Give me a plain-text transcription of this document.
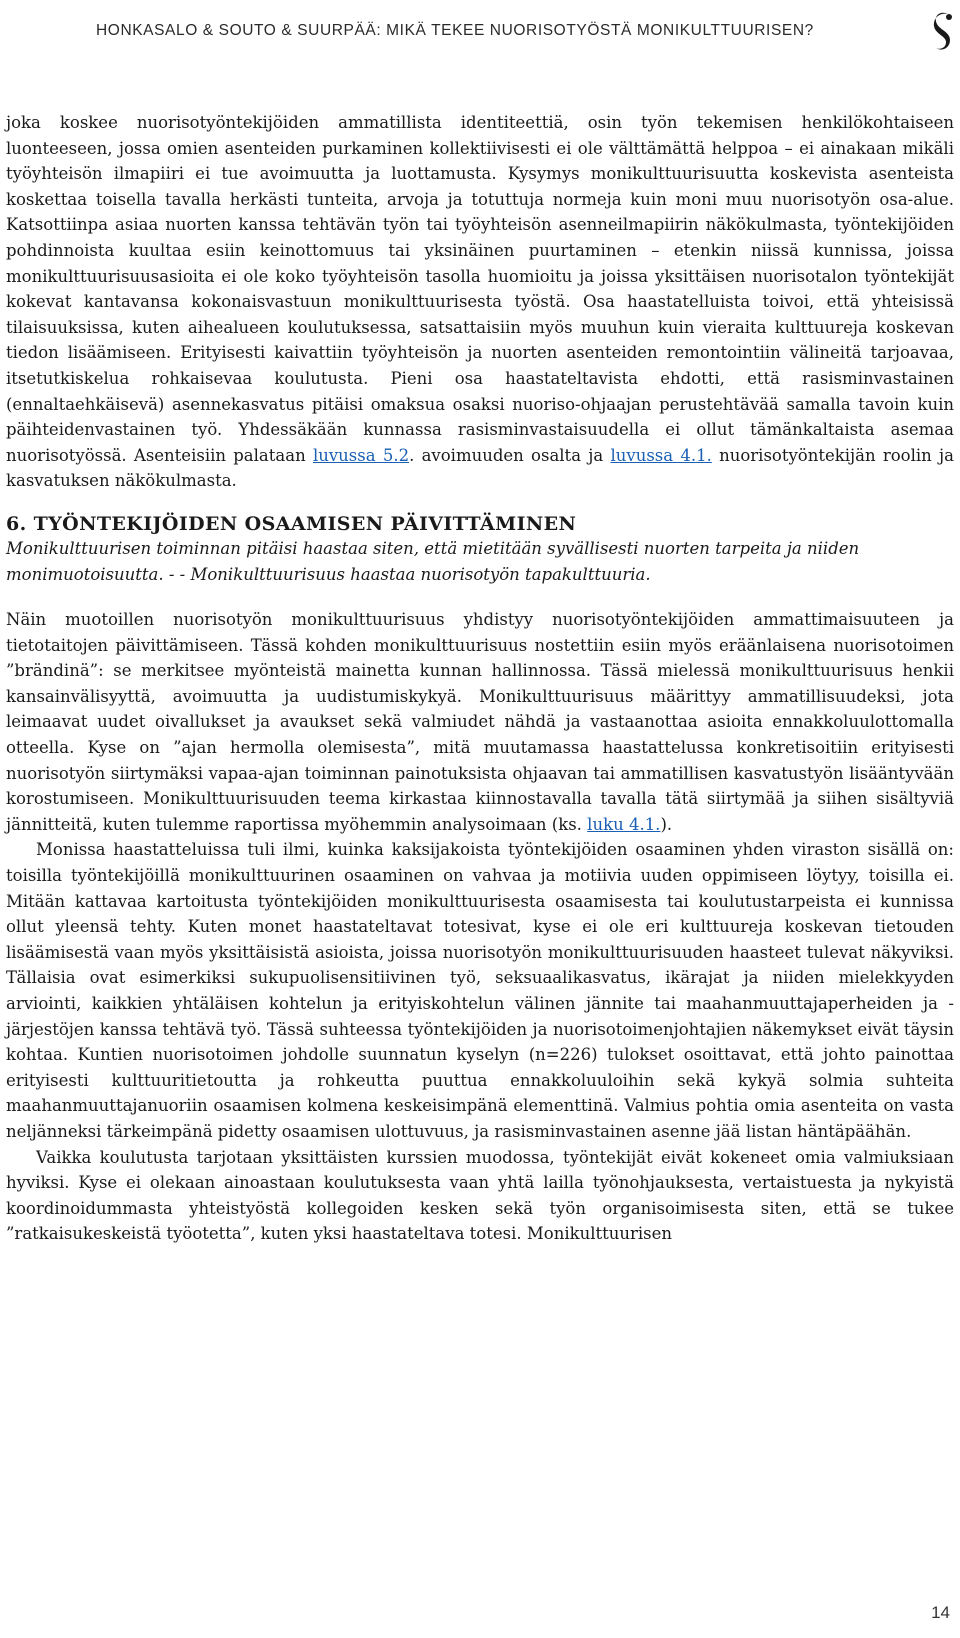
HONKASALO & SOUTO & SUURPÄÄ: MIKÄ TEKEE NUORISOTYÖSTÄ MONIKULTTUURISEN?

joka koskee nuorisotyöntekijöiden ammatillista identiteettiä, osin työn tekemisen henkilökohtaiseen luonteeseen, jossa omien asenteiden purkaminen kollektiivisesti ei ole välttämättä helppoa – ei ainakaan mikäli työyhteisön ilmapiiri ei tue avoimuutta ja luottamusta. Kysymys monikulttuurisuutta koskevista asenteista koskettaa toisella tavalla herkästi tunteita, arvoja ja totuttuja normeja kuin moni muu nuorisotyön osa-alue. Katsottiinpa asiaa nuorten kanssa tehtävän työn tai työyhteisön asenneilmapiirin näkökulmasta, työntekijöiden pohdinnoista kuultaa esiin keinottomuus tai yksinäinen puurtaminen – etenkin niissä kunnissa, joissa monikulttuurisuusasioita ei ole koko työyhteisön tasolla huomioitu ja joissa yksittäisen nuorisotalon työntekijät kokevat kantavansa kokonaisvastuun monikulttuurisesta työstä. Osa haastatelluista toivoi, että yhteisissä tilaisuuksissa, kuten aihealueen koulutuksessa, satsattaisiin myös muuhun kuin vieraita kulttuureja koskevan tiedon lisäämiseen. Erityisesti kaivattiin työyhteisön ja nuorten asenteiden remontointiin välineitä tarjoavaa, itsetutkiskelua rohkaisevaa koulutusta. Pieni osa haastateltavista ehdotti, että rasisminvastainen (ennaltaehkäisevä) asennekasvatus pitäisi omaksua osaksi nuoriso-ohjaajan perustehtävää samalla tavoin kuin päihteidenvastainen työ. Yhdessäkään kunnassa rasisminvastaisuudella ei ollut tämänkaltaista asemaa nuorisotyössä. Asenteisiin palataan luvussa 5.2. avoimuuden osalta ja luvussa 4.1. nuorisotyöntekijän roolin ja kasvatuksen näkökulmasta.

6. TYÖNTEKIJÖIDEN OSAAMISEN PÄIVITTÄMINEN

Monikulttuurisen toiminnan pitäisi haastaa siten, että mietitään syvällisesti nuorten tarpeita ja niiden monimuotoisuutta. - - Monikulttuurisuus haastaa nuorisotyön tapakulttuuria.

Näin muotoillen nuorisotyön monikulttuurisuus yhdistyy nuorisotyöntekijöiden ammattimaisuuteen ja tietotaitojen päivittämiseen. Tässä kohden monikulttuurisuus nostettiin esiin myös eräänlaisena nuorisotoimen ”brändinä”: se merkitsee myönteistä mainetta kunnan hallinnossa. Tässä mielessä monikulttuurisuus henkii kansainvälisyyttä, avoimuutta ja uudistumiskykyä. Monikulttuurisuus määrittyy ammatillisuudeksi, jota leimaavat uudet oivallukset ja avaukset sekä valmiudet nähdä ja vastaanottaa asioita ennakkoluulottomalla otteella. Kyse on ”ajan hermolla olemisesta”, mitä muutamassa haastattelussa konkretisoitiin erityisesti nuorisotyön siirtymäksi vapaa-ajan toiminnan painotuksista ohjaavan tai ammatillisen kasvatustyön lisääntyvään korostumiseen. Monikulttuurisuuden teema kirkastaa kiinnostavalla tavalla tätä siirtymää ja siihen sisältyviä jännitteitä, kuten tulemme raportissa myöhemmin analysoimaan (ks. luku 4.1.).

Monissa haastatteluissa tuli ilmi, kuinka kaksijakoista työntekijöiden osaaminen yhden viraston sisällä on: toisilla työntekijöillä monikulttuurinen osaaminen on vahvaa ja motiivia uuden oppimiseen löytyy, toisilla ei. Mitään kattavaa kartoitusta työntekijöiden monikulttuurisesta osaamisesta tai koulutustarpeista ei kunnissa ollut yleensä tehty. Kuten monet haastateltavat totesivat, kyse ei ole eri kulttuureja koskevan tietouden lisäämisestä vaan myös yksittäisistä asioista, joissa nuorisotyön monikulttuurisuuden haasteet tulevat näkyviksi. Tällaisia ovat esimerkiksi sukupuolisensitiivinen työ, seksuaalikasvatus, ikärajat ja niiden mielekkyyden arviointi, kaikkien yhtäläisen kohtelun ja erityiskohtelun välinen jännite tai maahanmuuttajaperheiden ja -järjestöjen kanssa tehtävä työ. Tässä suhteessa työntekijöiden ja nuorisotoimenjohtajien näkemykset eivät täysin kohtaa. Kuntien nuorisotoimen johdolle suunnatun kyselyn (n=226) tulokset osoittavat, että johto painottaa erityisesti kulttuuritietoutta ja rohkeutta puuttua ennakkoluuloihin sekä kykyä solmia suhteita maahanmuuttajanuoriin osaamisen kolmena keskeisimpänä elementtinä. Valmius pohtia omia asenteita on vasta neljänneksi tärkeimpänä pidetty osaamisen ulottuvuus, ja rasisminvastainen asenne jää listan häntäpäähän.

Vaikka koulutusta tarjotaan yksittäisten kurssien muodossa, työntekijät eivät kokeneet omia valmiuksiaan hyviksi. Kyse ei olekaan ainoastaan koulutuksesta vaan yhtä lailla työnohjauksesta, vertaistuesta ja nykyistä koordinoidummasta yhteistyöstä kollegoiden kesken sekä työn organisoimisesta siten, että se tukee ”ratkaisukeskeistä työotetta”, kuten yksi haastateltava totesi. Monikulttuurisen

14
